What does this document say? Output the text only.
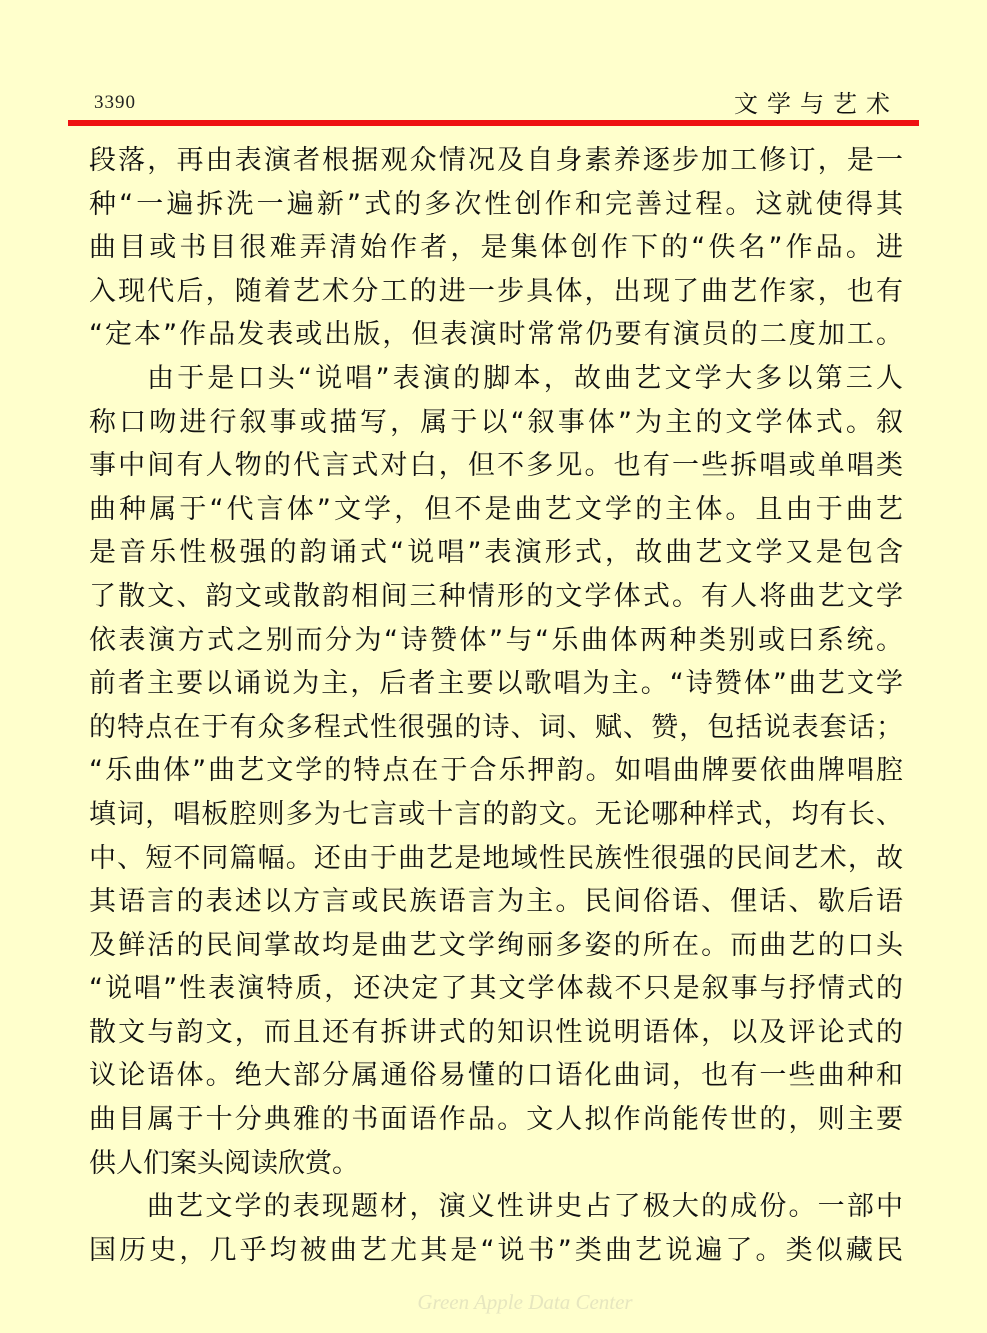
3390	文学与艺术
段落，再由表演者根据观众情况及自身素养逐步加工修订，是一
种“一遍拆洗一遍新”式的多次性创作和完善过程。这就使得其
曲目或书目很难弄清始作者，是集体创作下的“佚名”作品。进
入现代后，随着艺术分工的进一步具体，出现了曲艺作家，也有
“定本”作品发表或出版，但表演时常常仍要有演员的二度加工。
由于是口头“说唱”表演的脚本，故曲艺文学大多以第三人
称口吻进行叙事或描写，属于以“叙事体”为主的文学体式。叙
事中间有人物的代言式对白，但不多见。也有一些拆唱或单唱类
曲种属于“代言体”文学，但不是曲艺文学的主体。且由于曲艺
是音乐性极强的韵诵式“说唱”表演形式，故曲艺文学又是包含
了散文、韵文或散韵相间三种情形的文学体式。有人将曲艺文学
依表演方式之别而分为“诗赞体”与“乐曲体两种类别或曰系统。
前者主要以诵说为主，后者主要以歌唱为主。“诗赞体”曲艺文学
的特点在于有众多程式性很强的诗、词、赋、赞，包括说表套话；
“乐曲体”曲艺文学的特点在于合乐押韵。如唱曲牌要依曲牌唱腔
填词，唱板腔则多为七言或十言的韵文。无论哪种样式，均有长、
中、短不同篇幅。还由于曲艺是地域性民族性很强的民间艺术，故
其语言的表述以方言或民族语言为主。民间俗语、俚话、歇后语
及鲜活的民间掌故均是曲艺文学绚丽多姿的所在。而曲艺的口头
“说唱”性表演特质，还决定了其文学体裁不只是叙事与抒情式的
散文与韵文，而且还有拆讲式的知识性说明语体，以及评论式的
议论语体。绝大部分属通俗易懂的口语化曲词，也有一些曲种和
曲目属于十分典雅的书面语作品。文人拟作尚能传世的，则主要
供人们案头阅读欣赏。
曲艺文学的表现题材，演义性讲史占了极大的成份。一部中
国历史，几乎均被曲艺尤其是“说书”类曲艺说遍了。类似藏民
Green Apple Data Center
